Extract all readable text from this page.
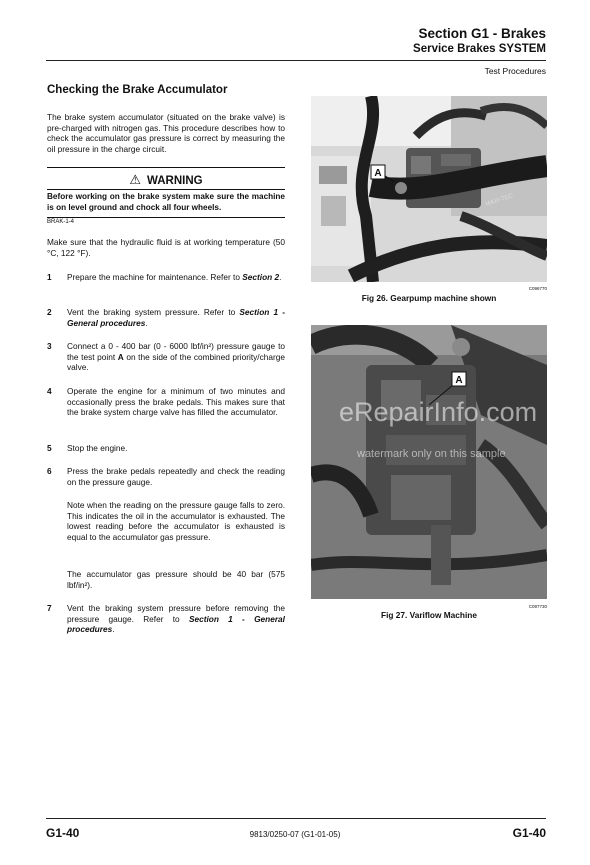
Section G1 - Brakes
Service Brakes SYSTEM
Test Procedures
Checking the Brake Accumulator
The brake system accumulator (situated on the brake valve) is pre-charged with nitrogen gas. This procedure describes how to check the accumulator gas pressure is correct by measuring the oil pressure in the charge circuit.
⚠ WARNING
Before working on the brake system make sure the machine is on level ground and chock all four wheels.
BRAK-1-4
Make sure that the hydraulic fluid is at working temperature (50 °C, 122 °F).
1 Prepare the machine for maintenance. Refer to Section 2.
2 Vent the braking system pressure. Refer to Section 1 - General procedures.
3 Connect a 0 - 400 bar (0 - 6000 lbf/in²) pressure gauge to the test point A on the side of the combined priority/charge valve.
4 Operate the engine for a minimum of two minutes and occasionally press the brake pedals. This makes sure that the brake system charge valve has filled the accumulator.
5 Stop the engine.
6 Press the brake pedals repeatedly and check the reading on the pressure gauge.
Note when the reading on the pressure gauge falls to zero. This indicates the oil in the accumulator is exhausted. The lowest reading before the accumulator is exhausted is equal to the accumulator gas pressure.
The accumulator gas pressure should be 40 bar (575 lbf/in²).
7 Vent the braking system pressure before removing the pressure gauge. Refer to Section 1 - General procedures.
A
MAXI-TEC
C096770
Fig 26. Gearpump machine shown
A
eRepairInfo.com
watermark only on this sample
C097730
Fig 27. Variflow Machine
G1-40	9813/0250-07 (G1-01-05)	G1-40
